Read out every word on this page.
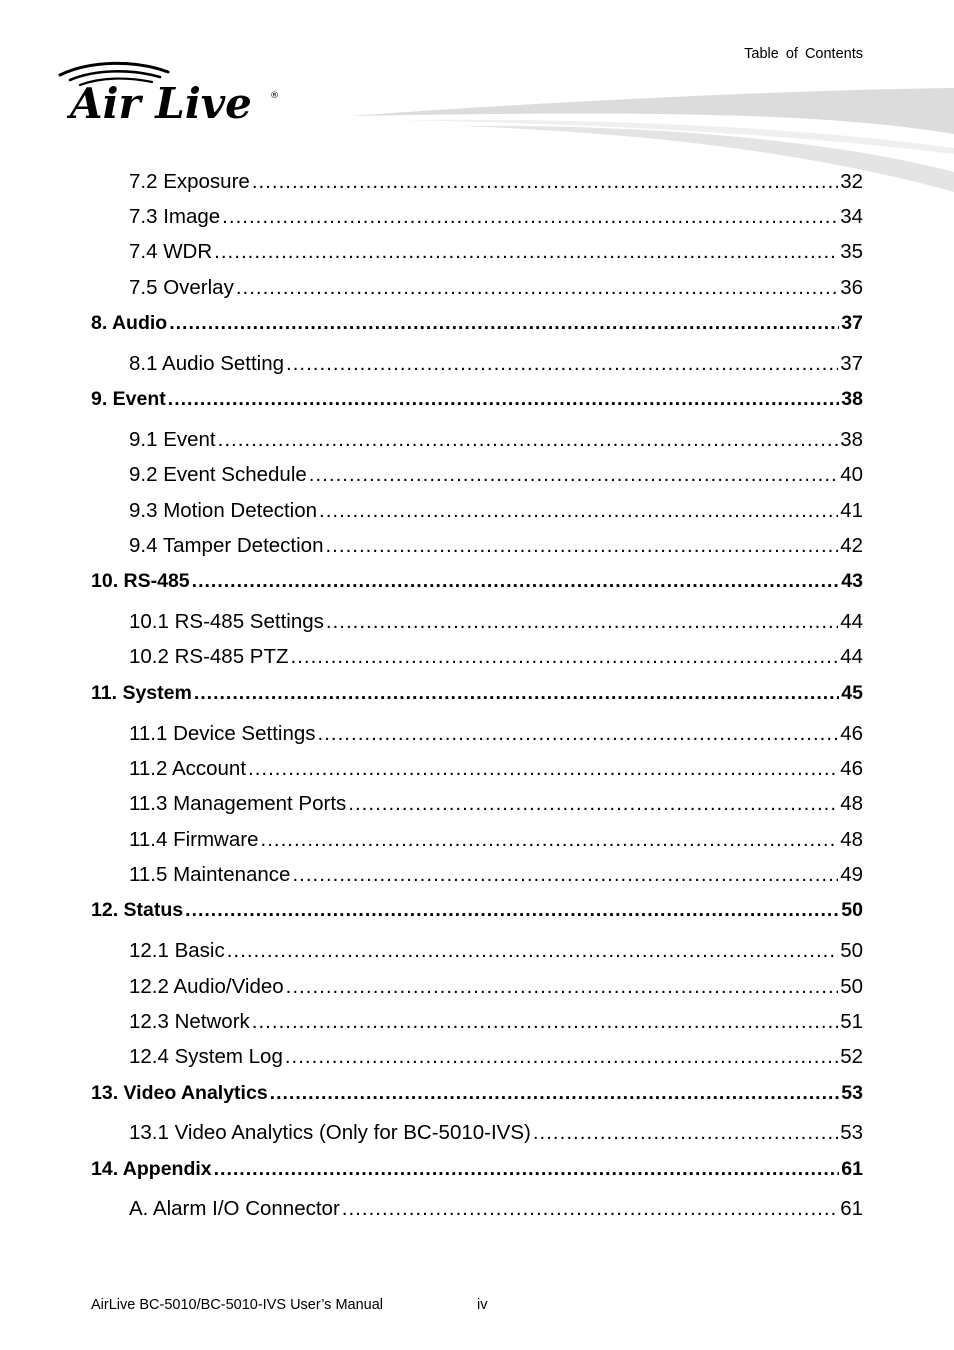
Table of Contents
Air Live ®
7.2 Exposure .....	32
7.3 Image .....	34
7.4 WDR .....	35
7.5 Overlay .....	36
8. Audio .....	37
8.1 Audio Setting .....	37
9. Event .....	38
9.1 Event .....	38
9.2 Event Schedule .....	40
9.3 Motion Detection .....	41
9.4 Tamper Detection .....	42
10. RS-485 .....	43
10.1 RS-485 Settings .....	44
10.2 RS-485 PTZ .....	44
11. System .....	45
11.1 Device Settings .....	46
11.2 Account .....	46
11.3 Management Ports .....	48
11.4 Firmware .....	48
11.5 Maintenance .....	49
12. Status .....	50
12.1 Basic .....	50
12.2 Audio/Video .....	50
12.3 Network .....	51
12.4 System Log .....	52
13. Video Analytics .....	53
13.1 Video Analytics (Only for BC-5010-IVS) .....	53
14. Appendix .....	61
A. Alarm I/O Connector .....	61
AirLive BC-5010/BC-5010-IVS User’s Manual	iv
